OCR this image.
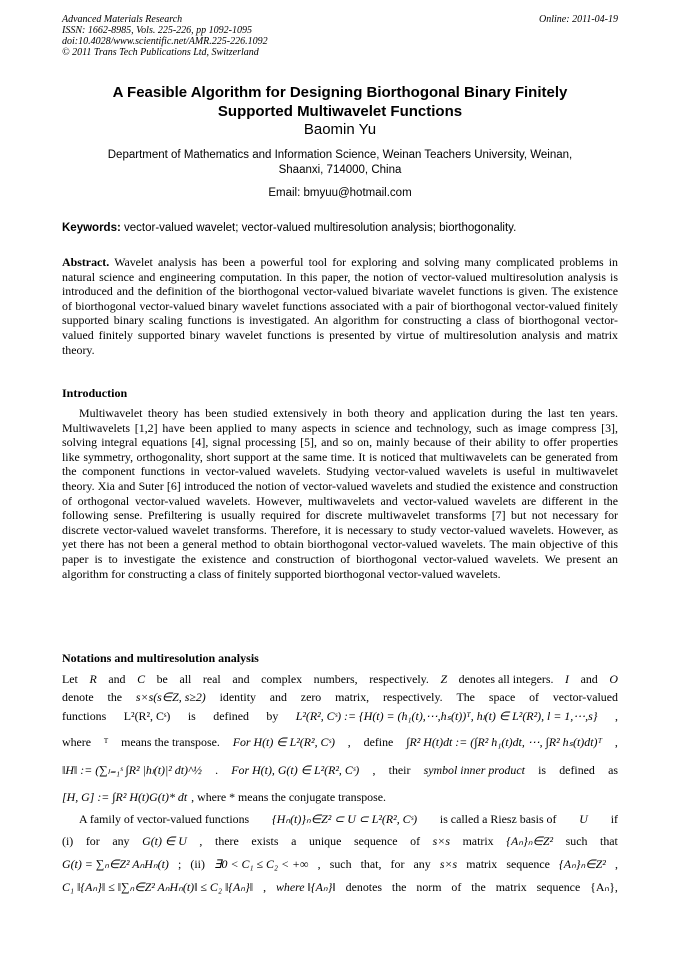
Advanced Materials Research
ISSN: 1662-8985, Vols. 225-226, pp 1092-1095
doi:10.4028/www.scientific.net/AMR.225-226.1092
© 2011 Trans Tech Publications Ltd, Switzerland
Online: 2011-04-19
A Feasible Algorithm for Designing Biorthogonal Binary Finitely
Supported Multiwavelet Functions
Baomin Yu
Department of Mathematics and Information Science, Weinan Teachers University, Weinan,
Shaanxi, 714000, China
Email: bmyuu@hotmail.com
Keywords: vector-valued wavelet; vector-valued multiresolution analysis; biorthogonality.
Abstract. Wavelet analysis has been a powerful tool for exploring and solving many complicated problems in natural science and engineering computation. In this paper, the notion of vector-valued multiresolution analysis is introduced and the definition of the biorthogonal vector-valued bivariate wavelet functions is given. The existence of biorthogonal vector-valued binary wavelet functions associated with a pair of biorthogonal vector-valued finitely supported binary scaling functions is investigated. An algorithm for constructing a class of biorthogonal vector-valued finitely supported binary wavelet functions is presented by virtue of multiresolution analysis and matrix theory.
Introduction
Multiwavelet theory has been studied extensively in both theory and application during the last ten years. Multiwavelets [1,2] have been applied to many aspects in science and technology, such as image compress [3], solving integral equations [4], signal processing [5], and so on, mainly because of their ability to offer properties like symmetry, orthogonality, short support at the same time. It is noticed that multiwavelets can be generated from the component functions in vector-valued wavelets. Studying vector-valued wavelets is useful in multiwavelet theory. Xia and Suter [6] introduced the notion of vector-valued wavelets and studied the existence and construction of orthogonal vector-valued wavelets. However, multiwavelets and vector-valued wavelets are different in the following sense. Prefiltering is usually required for discrete multiwavelet transforms [7] but not necessary for discrete vector-valued wavelet transforms. Therefore, it is necessary to study vector-valued wavelets. However, as yet there has not been a general method to obtain biorthogonal vector-valued wavelets. The main objective of this paper is to investigate the existence and construction of biorthogonal vector-valued wavelets. We present an algorithm for constructing a class of finitely supported biorthogonal vector-valued wavelets.
Notations and multiresolution analysis
Let R and C be all real and complex numbers, respectively. Z denotes all integers. I and O
denote the s×s(s∈Z, s≥2) identity and zero matrix, respectively. The space of vector-valued
functions L²(R², Cˢ) is defined by L²(R², Cˢ) := {H(t) = (h₁(t),⋯,hₛ(t))ᵀ, hₗ(t) ∈ L²(R²), l = 1,⋯,s} ,
where ᵀ means the transpose. For H(t) ∈ L²(R², Cˢ) , define ∫R² H(t)dt := (∫R² h₁(t)dt, ⋯, ∫R² hₛ(t)dt)ᵀ ,
‖H‖ := (∑ₗ₌₁ˢ ∫R² |hₗ(t)|² dt)^½ . For H(t), G(t) ∈ L²(R², Cˢ) , their symbol inner product is defined as
[H, G] := ∫R² H(t)G(t)* dt , where * means the conjugate transpose.
A family of vector-valued functions {Hₙ(t)}ₙ∈Z² ⊂ U ⊂ L²(R², Cˢ) is called a Riesz basis of U if
(i) for any G(t) ∈ U , there exists a unique sequence of s×s matrix {Aₙ}ₙ∈Z² such that
G(t) = ∑ₙ∈Z² AₙHₙ(t) ; (ii) ∃0 < C₁ ≤ C₂ < +∞ , such that, for any s×s matrix sequence {Aₙ}ₙ∈Z² ,
C₁ ‖{Aₙ}‖ ≤ ‖∑ₙ∈Z² AₙHₙ(t)‖ ≤ C₂ ‖{Aₙ}‖ , where ‖{Aₙ}‖ denotes the norm of the matrix sequence {Aₙ},
